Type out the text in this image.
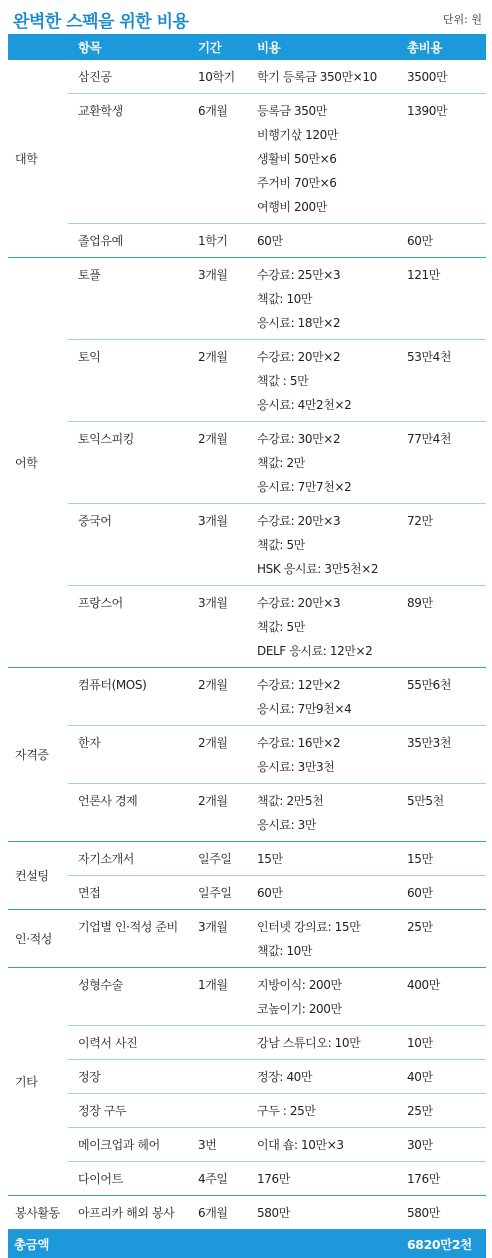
완벽한 스펙을 위한 비용	단위: 원
	항목	기간	비용	총비용
대학	삼진공	10학기	학기 등록금 350만×10	3500만

	교환학생	6개월	등록금 350만
비행기삯 120만
생활비 50만×6
주거비 70만×6
여행비 200만	1390만

	졸업유예	1학기	60만	60만

어학	토플	3개월	수강료: 25만×3
책값: 10만
응시료: 18만×2	121만

	토익	2개월	수강료: 20만×2
책값 : 5만
응시료: 4만2천×2	53만4천

	토익스피킹	2개월	수강료: 30만×2
책값: 2만
응시료: 7만7천×2	77만4천

	중국어	3개월	수강료: 20만×3
책값: 5만
HSK 응시료: 3만5천×2	72만

	프랑스어	3개월	수강료: 20만×3
책값: 5만
DELF 응시료: 12만×2	89만

자격증	컴퓨터(MOS)	2개월	수강료: 12만×2
응시료: 7만9천×4	55만6천

	한자	2개월	수강료: 16만×2
응시료: 3만3천	35만3천

	언론사 경제	2개월	책값: 2만5천
응시료: 3만	5만5천

컨설팅	자기소개서	일주일	15만	15만

	면접	일주일	60만	60만

인·적성	기업별 인·적성 준비	3개월	인터넷 강의료: 15만
책값: 10만	25만

기타	성형수술	1개월	지방이식: 200만
코높이기: 200만	400만

	이력서 사진		강남 스튜디오: 10만	10만

	정장		정장: 40만	40만

	정장 구두		구두 : 25만	25만

	메이크업과 헤어	3번	이대 숍: 10만×3	30만

	다이어트	4주일	176만	176만

봉사활동	아프리카 해외 봉사	6개월	580만	580만

총금액				6820만2천
